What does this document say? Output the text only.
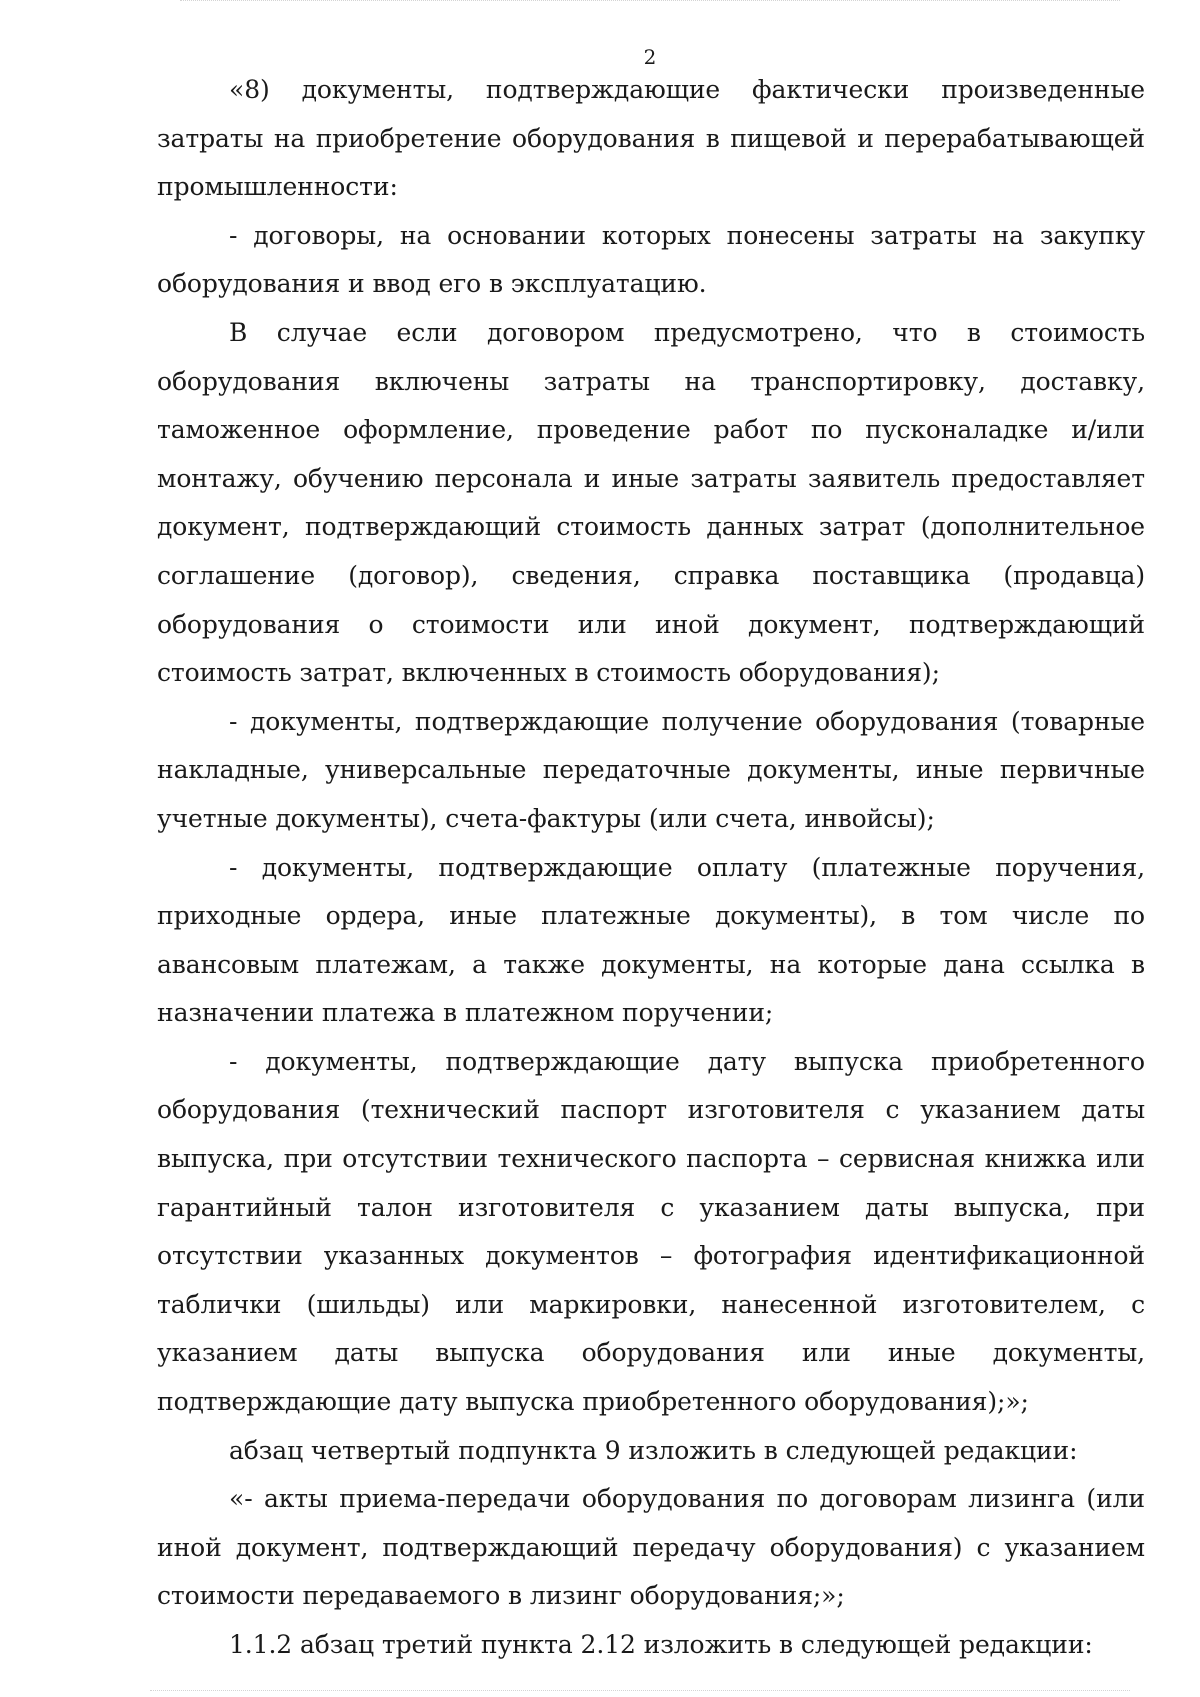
2

«8) документы, подтверждающие фактически произведенные затраты на приобретение оборудования в пищевой и перерабатывающей промышленности:

- договоры, на основании которых понесены затраты на закупку оборудования и ввод его в эксплуатацию.

В случае если договором предусмотрено, что в стоимость оборудования включены затраты на транспортировку, доставку, таможенное оформление, проведение работ по пусконаладке и/или монтажу, обучению персонала и иные затраты заявитель предоставляет документ, подтверждающий стоимость данных затрат (дополнительное соглашение (договор), сведения, справка поставщика (продавца) оборудования о стоимости или иной документ, подтверждающий стоимость затрат, включенных в стоимость оборудования);

- документы, подтверждающие получение оборудования (товарные накладные, универсальные передаточные документы, иные первичные учетные документы), счета-фактуры (или счета, инвойсы);

- документы, подтверждающие оплату (платежные поручения, приходные ордера, иные платежные документы), в том числе по авансовым платежам, а также документы, на которые дана ссылка в назначении платежа в платежном поручении;

- документы, подтверждающие дату выпуска приобретенного оборудования (технический паспорт изготовителя с указанием даты выпуска, при отсутствии технического паспорта – сервисная книжка или гарантийный талон изготовителя с указанием даты выпуска, при отсутствии указанных документов – фотография идентификационной таблички (шильды) или маркировки, нанесенной изготовителем, с указанием даты выпуска оборудования или иные документы, подтверждающие дату выпуска приобретенного оборудования);»;

абзац четвертый подпункта 9 изложить в следующей редакции:

«- акты приема-передачи оборудования по договорам лизинга (или иной документ, подтверждающий передачу оборудования) с указанием стоимости передаваемого в лизинг оборудования;»;

1.1.2 абзац третий пункта 2.12 изложить в следующей редакции:
